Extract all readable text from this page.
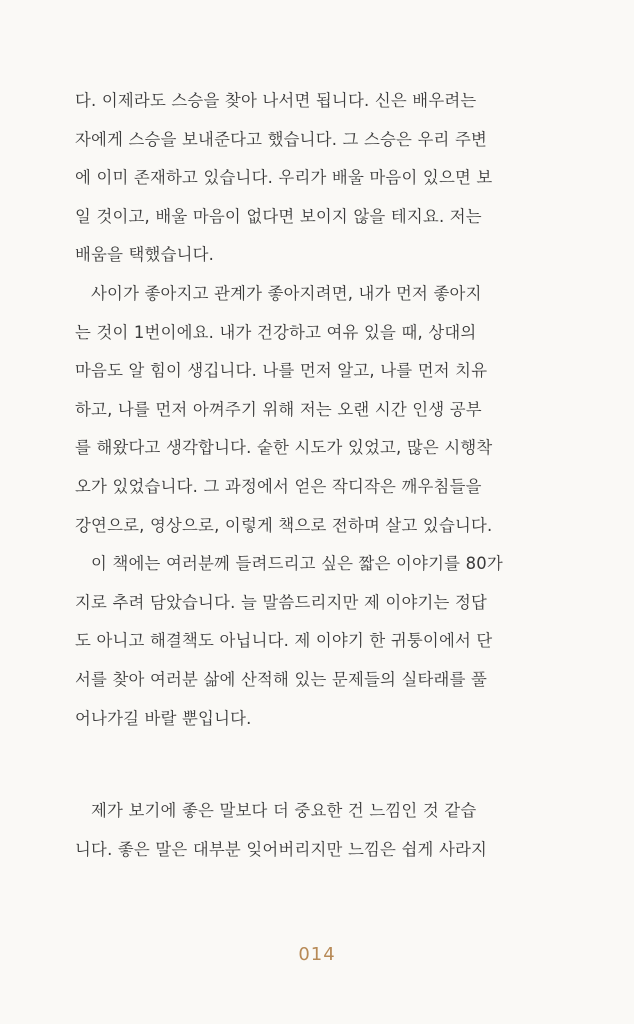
다. 이제라도 스승을 찾아 나서면 됩니다. 신은 배우려는
자에게 스승을 보내준다고 했습니다. 그 스승은 우리 주변
에 이미 존재하고 있습니다. 우리가 배울 마음이 있으면 보
일 것이고, 배울 마음이 없다면 보이지 않을 테지요. 저는
배움을 택했습니다.
사이가 좋아지고 관계가 좋아지려면, 내가 먼저 좋아지
는 것이 1번이에요. 내가 건강하고 여유 있을 때, 상대의
마음도 알 힘이 생깁니다. 나를 먼저 알고, 나를 먼저 치유
하고, 나를 먼저 아껴주기 위해 저는 오랜 시간 인생 공부
를 해왔다고 생각합니다. 숱한 시도가 있었고, 많은 시행착
오가 있었습니다. 그 과정에서 얻은 작디작은 깨우침들을
강연으로, 영상으로, 이렇게 책으로 전하며 살고 있습니다.
이 책에는 여러분께 들려드리고 싶은 짧은 이야기를 80가
지로 추려 담았습니다. 늘 말씀드리지만 제 이야기는 정답
도 아니고 해결책도 아닙니다. 제 이야기 한 귀퉁이에서 단
서를 찾아 여러분 삶에 산적해 있는 문제들의 실타래를 풀
어나가길 바랄 뿐입니다.
제가 보기에 좋은 말보다 더 중요한 건 느낌인 것 같습
니다. 좋은 말은 대부분 잊어버리지만 느낌은 쉽게 사라지
014
